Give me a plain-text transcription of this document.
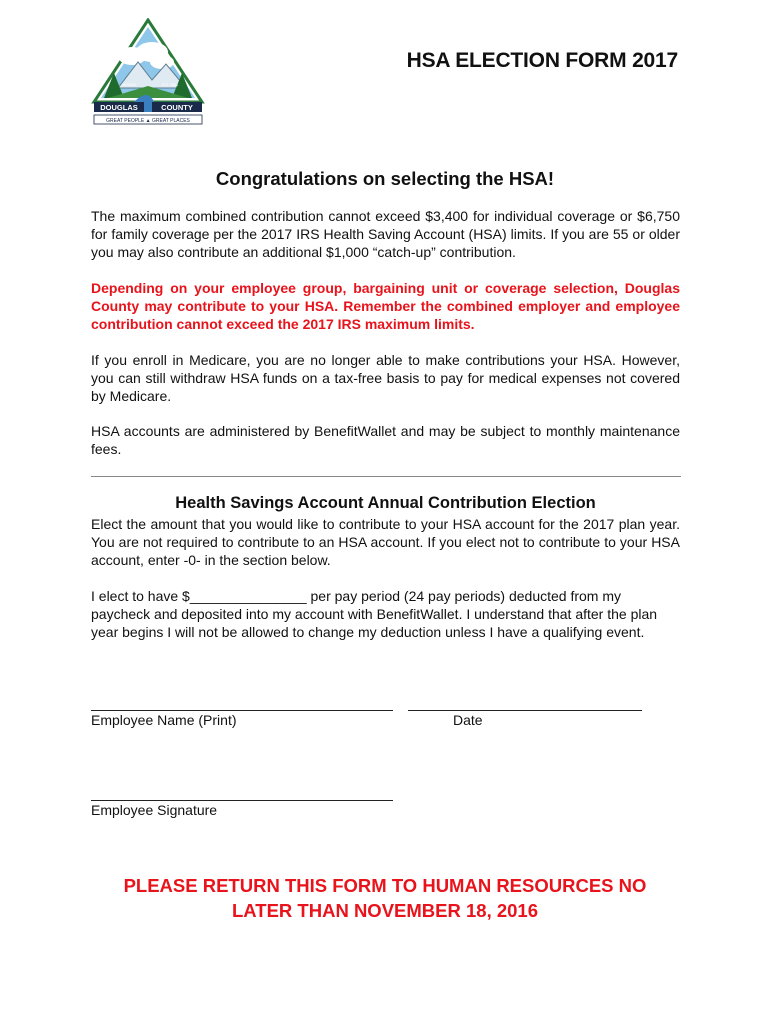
NEVADA	EST. 1861
DOUGLAS	COUNTY
GREAT PEOPLE ▲ GREAT PLACES
HSA ELECTION FORM 2017
Congratulations on selecting the HSA!

The maximum combined contribution cannot exceed $3,400 for individual coverage or $6,750 for family coverage per the 2017 IRS Health Saving Account (HSA) limits. If you are 55 or older you may also contribute an additional $1,000 “catch-up” contribution.

Depending on your employee group, bargaining unit or coverage selection, Douglas County may contribute to your HSA. Remember the combined employer and employee contribution cannot exceed the 2017 IRS maximum limits.

If you enroll in Medicare, you are no longer able to make contributions your HSA. However, you can still withdraw HSA funds on a tax-free basis to pay for medical expenses not covered by Medicare.

HSA accounts are administered by BenefitWallet and may be subject to monthly maintenance fees.

Health Savings Account Annual Contribution Election

Elect the amount that you would like to contribute to your HSA account for the 2017 plan year. You are not required to contribute to an HSA account. If you elect not to contribute to your HSA account, enter -0- in the section below.

I elect to have $_______________ per pay period (24 pay periods) deducted from my paycheck and deposited into my account with BenefitWallet. I understand that after the plan year begins I will not be allowed to change my deduction unless I have a qualifying event.

Employee Name (Print)	Date
Employee Signature
PLEASE RETURN THIS FORM TO HUMAN RESOURCES NO
LATER THAN NOVEMBER 18, 2016
